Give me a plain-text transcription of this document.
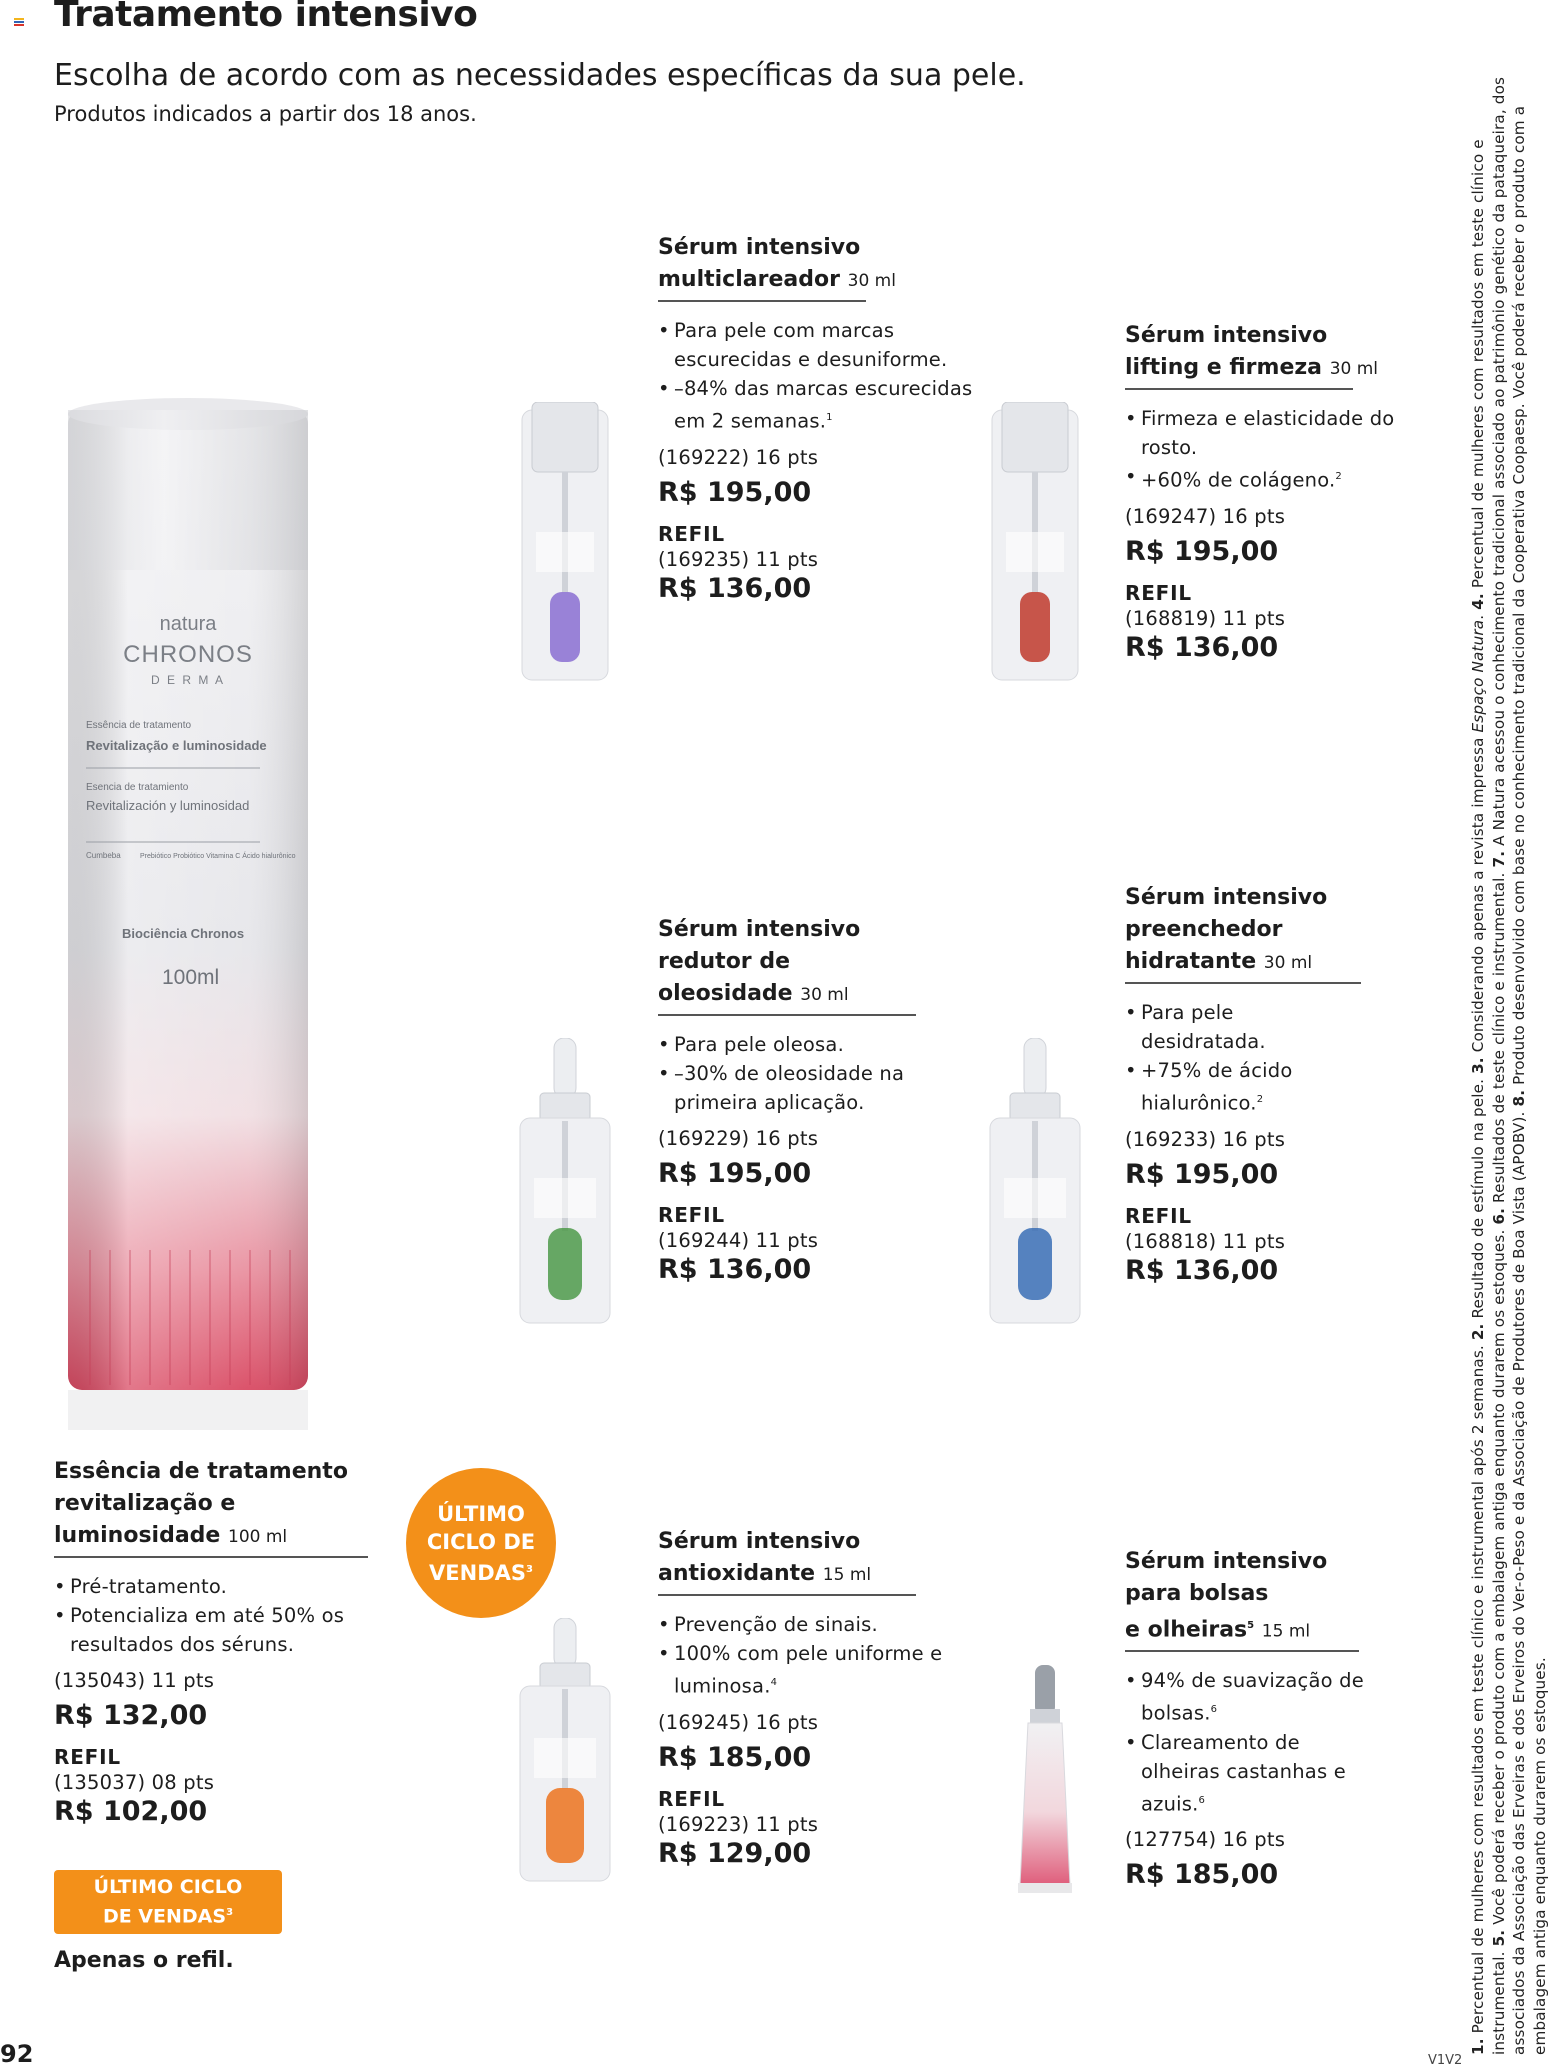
Tratamento intensivo
Escolha de acordo com as necessidades específicas da sua pele.

Produtos indicados a partir dos 18 anos.

natura
CHRONOS
D E R M A
Essência de tratamento
Revitalização e luminosidade
Esencia de tratamiento
Revitalización y luminosidad
Cumbeba	Prebiótico Probiótico Vitamina C Ácido hialurônico
Biociência Chronos
100ml

Sérum intensivo
multiclareador 30 ml

• Para pele com marcas escurecidas e desuniforme.
• –84% das marcas escurecidas em 2 semanas.$^1$
(169222) 16 pts
R$ 195,00
REFIL
(169235) 11 pts
R$ 136,00

Sérum intensivo
lifting e firmeza 30 ml

• Firmeza e elasticidade do rosto.
• +60% de colágeno.$^2$
(169247) 16 pts
R$ 195,00
REFIL
(168819) 11 pts
R$ 136,00

Sérum intensivo
redutor de
oleosidade 30 ml

• Para pele oleosa.
• –30% de oleosidade na primeira aplicação.
(169229) 16 pts
R$ 195,00
REFIL
(169244) 11 pts
R$ 136,00

Sérum intensivo
preenchedor
hidratante 30 ml

• Para pele desidratada.
• +75% de ácido hialurônico.$^2$
(169233) 16 pts
R$ 195,00
REFIL
(168818) 11 pts
R$ 136,00

Sérum intensivo
antioxidante 15 ml

• Prevenção de sinais.
• 100% com pele uniforme e luminosa.$^4$
(169245) 16 pts
R$ 185,00
REFIL
(169223) 11 pts
R$ 129,00

Sérum intensivo
para bolsas
e olheiras$^5$ 15 ml

• 94% de suavização de bolsas.$^6$
• Clareamento de olheiras castanhas e azuis.$^6$
(127754) 16 pts
R$ 185,00

Essência de tratamento
revitalização e
luminosidade 100 ml

• Pré-tratamento.
• Potencializa em até 50% os resultados dos séruns.
(135043) 11 pts
R$ 132,00
REFIL
(135037) 08 pts
R$ 102,00
ÚLTIMO
CICLO DE
VENDAS$^3$
ÚLTIMO CICLO
DE VENDAS$^3$
Apenas o refil.
1. Percentual de mulheres com resultados em teste clínico e instrumental após 2 semanas. 2. Resultado de estímulo na pele. 3. Considerando apenas a revista impressa Espaço Natura. 4. Percentual de mulheres com resultados em teste clínico e instrumental. 5. Você poderá receber o produto com a embalagem antiga enquanto durarem os estoques. 6. Resultados de teste clínico e instrumental. 7. A Natura acessou o conhecimento tradicional associado ao patrimônio genético da pataqueira, dos associados da Associação das Erveiras e dos Erveiros do Ver-o-Peso e da Associação de Produtores de Boa Vista (APOBV). 8. Produto desenvolvido com base no conhecimento tradicional da Cooperativa Coopaesp. Você poderá receber o produto com a embalagem antiga enquanto durarem os estoques.
92	V1V2
